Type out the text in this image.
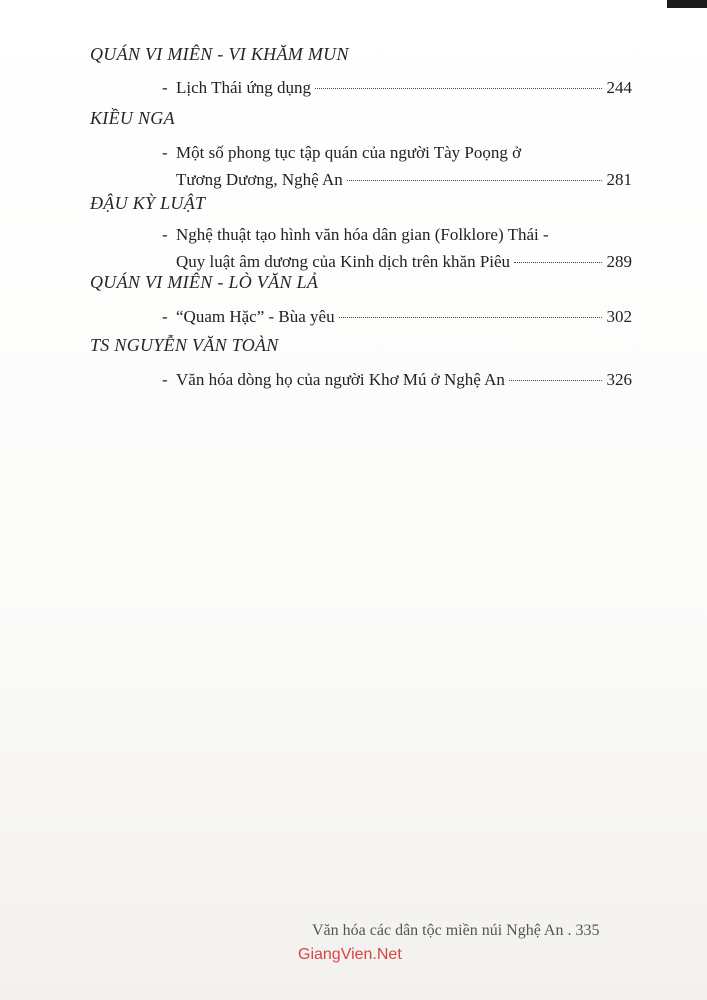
QUÁN VI MIÊN - VI KHĂM MUN
- Lịch Thái ứng dụng	244
KIỀU NGA
- Một số phong tục tập quán của người Tày Poọng ở
Tương Dương, Nghệ An	281
ĐẬU KỲ LUẬT
- Nghệ thuật tạo hình văn hóa dân gian (Folklore) Thái -
Quy luật âm dương của Kinh dịch trên khăn Piêu	289
QUÁN VI MIÊN - LÒ VĂN LẢ
- “Quam Hặc” - Bùa yêu	302
TS NGUYỄN VĂN TOÀN
- Văn hóa dòng họ của người Khơ Mú ở Nghệ An	326
Văn hóa các dân tộc miền núi Nghệ An . 335
GiangVien.Net
